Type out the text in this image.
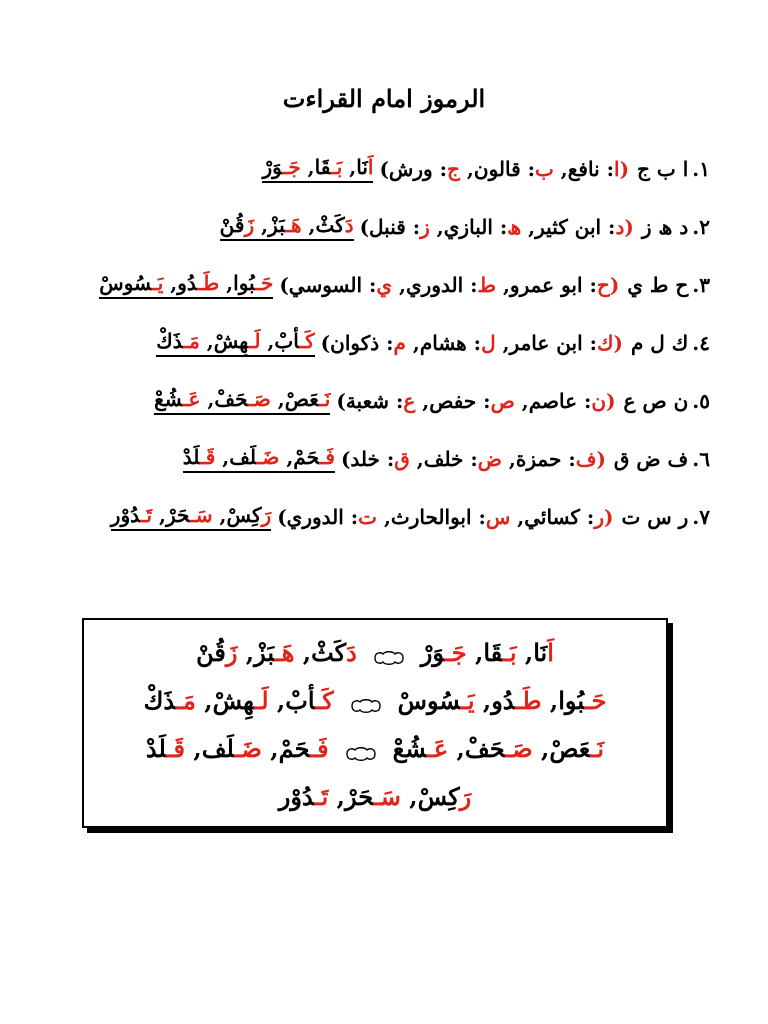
الرموز امام القراءت
١.
ا ب ج
(ا: نافع, ب: قالون, ج: ورش)
اَنَا, بَـقَا, جَـوَرْ
٢.
د ھ ز
(د: ابن كثير, ھ: البازي, ز: قنبل)
دَكَثْ, ھَـبَزْ, زَقُنْ
٣.
ح ط ي
(ح: ابو عمرو, ط: الدوري, ي: السوسي)
حَـبُوا, طَـدُو, يَـسُوسْ
٤.
ك ل م
(ك: ابن عامر, ل: هشام, م: ذكوان)
كَـأبْ, لَـهِشْ, مَـذَكْ
٥.
ن ص ع
(ن: عاصم, ص: حفص, ع: شعبة)
نَـعَصْ, صَـحَفْ, عَـشُعْ
٦.
ف ض ق
(ف: حمزة, ض: خلف, ق: خلد)
فَـحَمْ, ضَـلَف, قَـلَدْ
٧.
ر س ت
(ر: كسائي, س: ابوالحارث, ت: الدوري)
رَكِسْ, سَـحَرْ, تَـدُوْر
اَنَا, بَـقَا, جَـوَرْ
دَكَثْ, ھَـبَزْ, زَقُنْ
حَـبُوا, طَـدُو, يَـسُوسْ
كَـأبْ, لَـهِشْ, مَـذَكْ
نَـعَصْ, صَـحَفْ, عَـشُعْ
فَـحَمْ, ضَـلَف, قَـلَدْ
رَكِسْ, سَـحَرْ, تَـدُوْر
